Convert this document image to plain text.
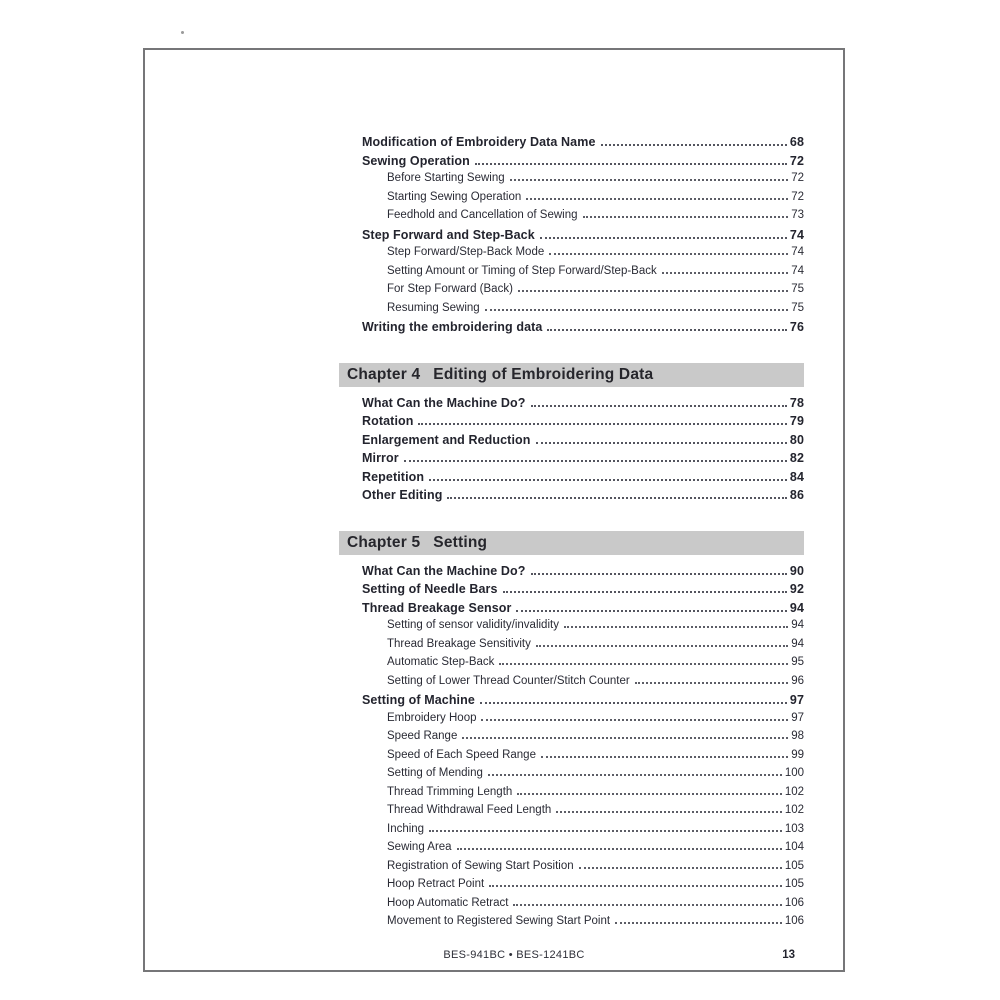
Modification of Embroidery Data Name	68
Sewing Operation	72
Before Starting Sewing	72
Starting Sewing Operation	72
Feedhold and Cancellation of Sewing	73
Step Forward and Step-Back	74
Step Forward/Step-Back Mode	74
Setting Amount or Timing of Step Forward/Step-Back	74
For Step Forward (Back)	75
Resuming Sewing	75
Writing the embroidering data	76
Chapter 4 Editing of Embroidering Data
What Can the Machine Do?	78
Rotation	79
Enlargement and Reduction	80
Mirror	82
Repetition	84
Other Editing	86
Chapter 5 Setting
What Can the Machine Do?	90
Setting of Needle Bars	92
Thread Breakage Sensor	94
Setting of sensor validity/invalidity	94
Thread Breakage Sensitivity	94
Automatic Step-Back	95
Setting of Lower Thread Counter/Stitch Counter	96
Setting of Machine	97
Embroidery Hoop	97
Speed Range	98
Speed of Each Speed Range	99
Setting of Mending	100
Thread Trimming Length	102
Thread Withdrawal Feed Length	102
Inching	103
Sewing Area	104
Registration of Sewing Start Position	105
Hoop Retract Point	105
Hoop Automatic Retract	106
Movement to Registered Sewing Start Point	106
BES-941BC • BES-1241BC	13
